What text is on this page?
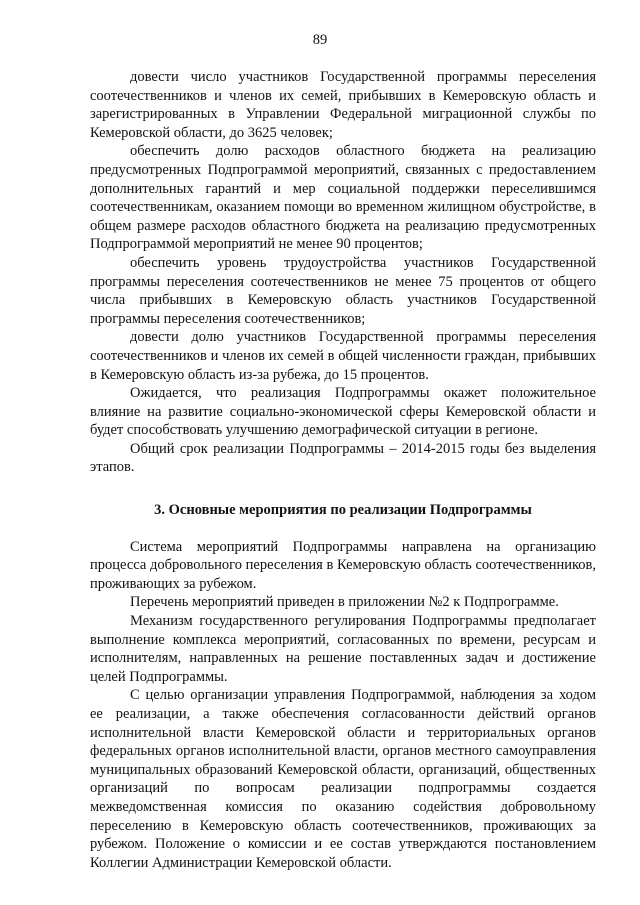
89

довести число участников Государственной программы переселения соотечественников и членов их семей, прибывших в Кемеровскую область и зарегистрированных в Управлении Федеральной миграционной службы по Кемеровской области, до 3625 человек;

обеспечить долю расходов областного бюджета на реализацию предусмотренных Подпрограммой мероприятий, связанных с предоставлением дополнительных гарантий и мер социальной поддержки переселившимся соотечественникам, оказанием помощи во временном жилищном обустройстве, в общем размере расходов областного бюджета на реализацию предусмотренных Подпрограммой мероприятий не менее 90 процентов;

обеспечить уровень трудоустройства участников Государственной программы переселения соотечественников не менее 75 процентов от общего числа прибывших в Кемеровскую область участников Государственной программы переселения соотечественников;

довести долю участников Государственной программы переселения соотечественников и членов их семей в общей численности граждан, прибывших в Кемеровскую область из-за рубежа, до 15 процентов.

Ожидается, что реализация Подпрограммы окажет положительное влияние на развитие социально-экономической сферы Кемеровской области и будет способствовать улучшению демографической ситуации в регионе.

Общий срок реализации Подпрограммы – 2014-2015 годы без выделения этапов.

3. Основные мероприятия по реализации Подпрограммы

Система мероприятий Подпрограммы направлена на организацию процесса добровольного переселения в Кемеровскую область соотечественников, проживающих за рубежом.

Перечень мероприятий приведен в приложении №2 к Подпрограмме.

Механизм государственного регулирования Подпрограммы предполагает выполнение комплекса мероприятий, согласованных по времени, ресурсам и исполнителям, направленных на решение поставленных задач и достижение целей Подпрограммы.

С целью организации управления Подпрограммой, наблюдения за ходом ее реализации, а также обеспечения согласованности действий органов исполнительной власти Кемеровской области и территориальных органов федеральных органов исполнительной власти, органов местного самоуправления муниципальных образований Кемеровской области, организаций, общественных организаций по вопросам реализации подпрограммы создается межведомственная комиссия по оказанию содействия добровольному переселению в Кемеровскую область соотечественников, проживающих за рубежом. Положение о комиссии и ее состав утверждаются постановлением Коллегии Администрации Кемеровской области.
